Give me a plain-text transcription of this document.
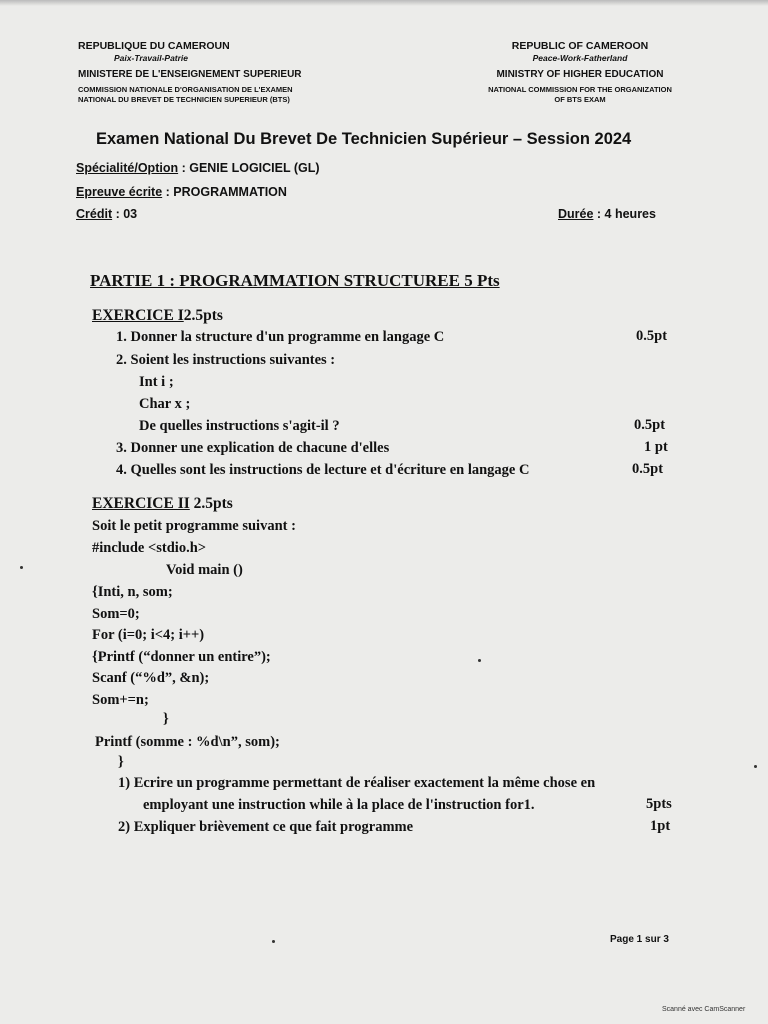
REPUBLIQUE DU CAMEROUN
Paix-Travail-Patrie
MINISTERE DE L'ENSEIGNEMENT SUPERIEUR
COMMISSION NATIONALE D'ORGANISATION DE L'EXAMEN
NATIONAL DU BREVET DE TECHNICIEN SUPERIEUR (BTS)
REPUBLIC OF CAMEROON
Peace-Work-Fatherland
MINISTRY OF HIGHER EDUCATION
NATIONAL COMMISSION FOR THE ORGANIZATION
OF BTS EXAM
Examen National Du Brevet De Technicien Supérieur – Session 2024
Spécialité/Option : GENIE LOGICIEL (GL)
Epreuve écrite : PROGRAMMATION
Crédit : 03	Durée : 4 heures
PARTIE 1 : PROGRAMMATION STRUCTUREE 5 Pts
EXERCICE I2.5pts
1. Donner la structure d'un programme en langage C	0.5pt
2. Soient les instructions suivantes :
Int i ;
Char x ;
De quelles instructions s'agit-il ?	0.5pt
3. Donner une explication de chacune d'elles	1 pt
4. Quelles sont les instructions de lecture et d'écriture en langage C	0.5pt
EXERCICE II 2.5pts
Soit le petit programme suivant :
#include <stdio.h>
Void main ()
{Inti, n, som;
Som=0;
For (i=0; i<4; i++)
{Printf (“donner un entire”);
Scanf (“%d”, &n);
Som+=n;
}
Printf (somme : %d\n”, som);
}
1) Ecrire un programme permettant de réaliser exactement la même chose en
employant une instruction while à la place de l'instruction for1.	5pts
2) Expliquer brièvement ce que fait programme	1pt
Page 1 sur 3
Scanné avec CamScanner
